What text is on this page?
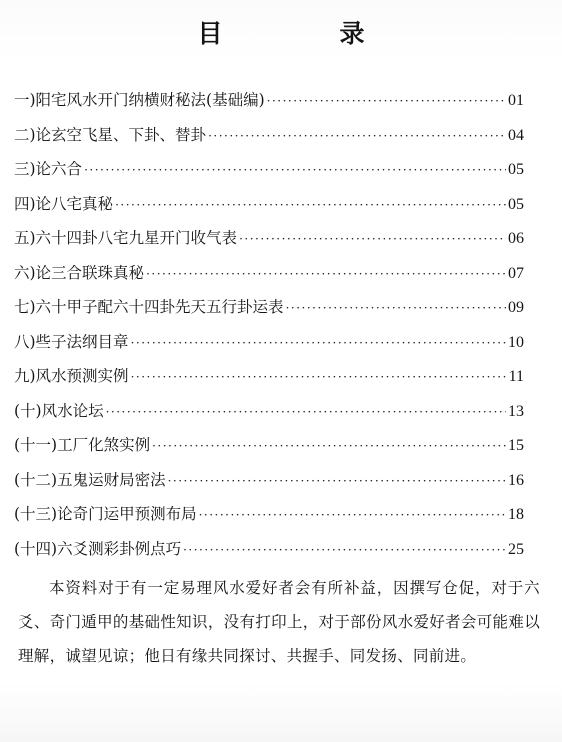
目　录
一)阳宅风水开门纳横财秘法(基础编) ·····	01
二)论玄空飞星、下卦、替卦 ·····	04
三)论六合 ·····	05
四)论八宅真秘 ·····	05
五)六十四卦八宅九星开门收气表 ·····	06
六)论三合联珠真秘 ·····	07
七)六十甲子配六十四卦先天五行卦运表 ·····	09
八)些子法纲目章 ·····	10
九)风水预测实例 ·····	11
(十)风水论坛 ·····	13
(十一)工厂化煞实例 ·····	15
(十二)五鬼运财局密法 ·····	16
(十三)论奇门运甲预测布局 ·····	18
(十四)六爻测彩卦例点巧 ·····	25

本资料对于有一定易理风水爱好者会有所补益，因撰写仓促，对于六爻、奇门遁甲的基础性知识，没有打印上，对于部份风水爱好者会可能难以理解，诚望见谅；他日有缘共同探讨、共握手、同发扬、同前进。
